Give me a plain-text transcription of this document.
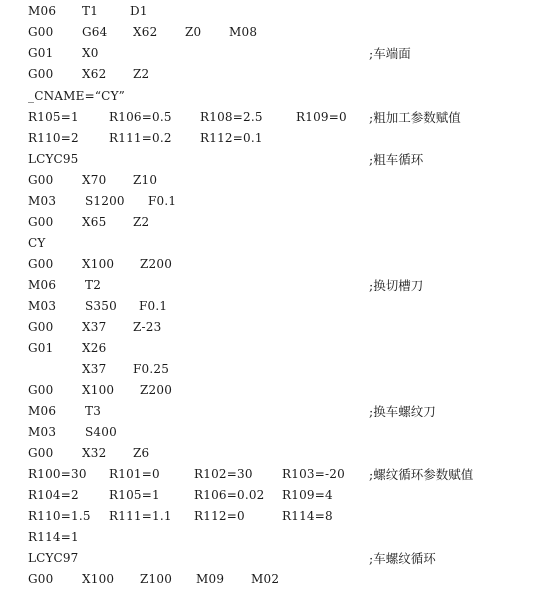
M06 T1	D1
G00 G64 X62 Z0 M08
G01 X0	;车端面
G00 X62 Z2
_CNAME=“CY”
R105=1	R106=0.5 R108=2.5	R109=0 ;粗加工参数赋值
R110=2	R111=0.2 R112=0.1
LCYC95	;粗车循环
G00 X70 Z10
M03 S1200 F0.1
G00 X65 Z2
CY
G00 X100 Z200
M06 T2	;换切槽刀
M03 S350 F0.1
G00 X37 Z-23
G01 X26
X37 F0.25
G00 X100 Z200
M06 T3	;换车螺纹刀
M03 S400
G00 X32 Z6
R100=30 R101=0	R102=30 R103=-20 ;螺纹循环参数赋值
R104=2	R105=1	R106=0.02 R109=4
R110=1.5 R111=1.1 R112=0	R114=8
R114=1
LCYC97	;车螺纹循环
G00 X100 Z100 M09 M02
